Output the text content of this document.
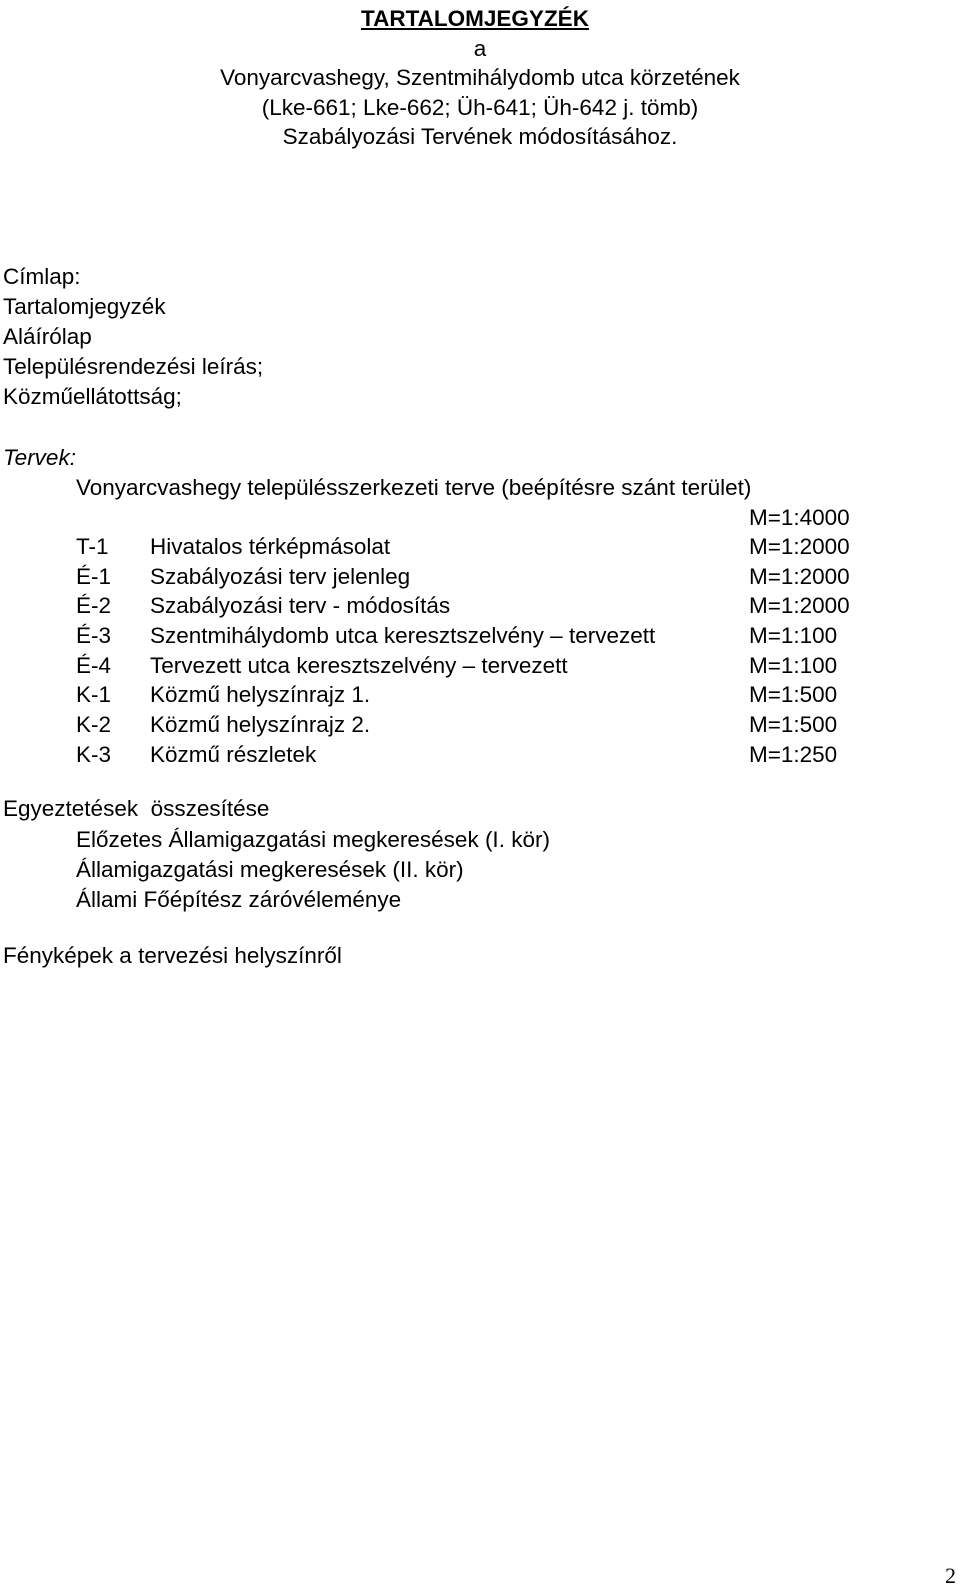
TARTALOMJEGYZÉK
a
Vonyarcvashegy, Szentmihálydomb utca körzetének
(Lke-661; Lke-662; Üh-641; Üh-642 j. tömb)
Szabályozási Tervének módosításához.
Címlap:
Tartalomjegyzék
Aláírólap
Településrendezési leírás;
Közműellátottság;
Tervek:
Vonyarcvashegy településszerkezeti terve (beépítésre szánt terület)
M=1:4000
T-1 Hivatalos térképmásolat	M=1:2000
É-1 Szabályozási terv jelenleg	M=1:2000
É-2 Szabályozási terv - módosítás	M=1:2000
É-3 Szentmihálydomb utca keresztszelvény – tervezett	M=1:100
É-4 Tervezett utca keresztszelvény – tervezett	M=1:100
K-1 Közmű helyszínrajz 1.	M=1:500
K-2 Közmű helyszínrajz 2.	M=1:500
K-3 Közmű részletek	M=1:250
Egyeztetések  összesítése
Előzetes Államigazgatási megkeresések (I. kör)
Államigazgatási megkeresések (II. kör)
Állami Főépítész záróvéleménye
Fényképek a tervezési helyszínről
2
